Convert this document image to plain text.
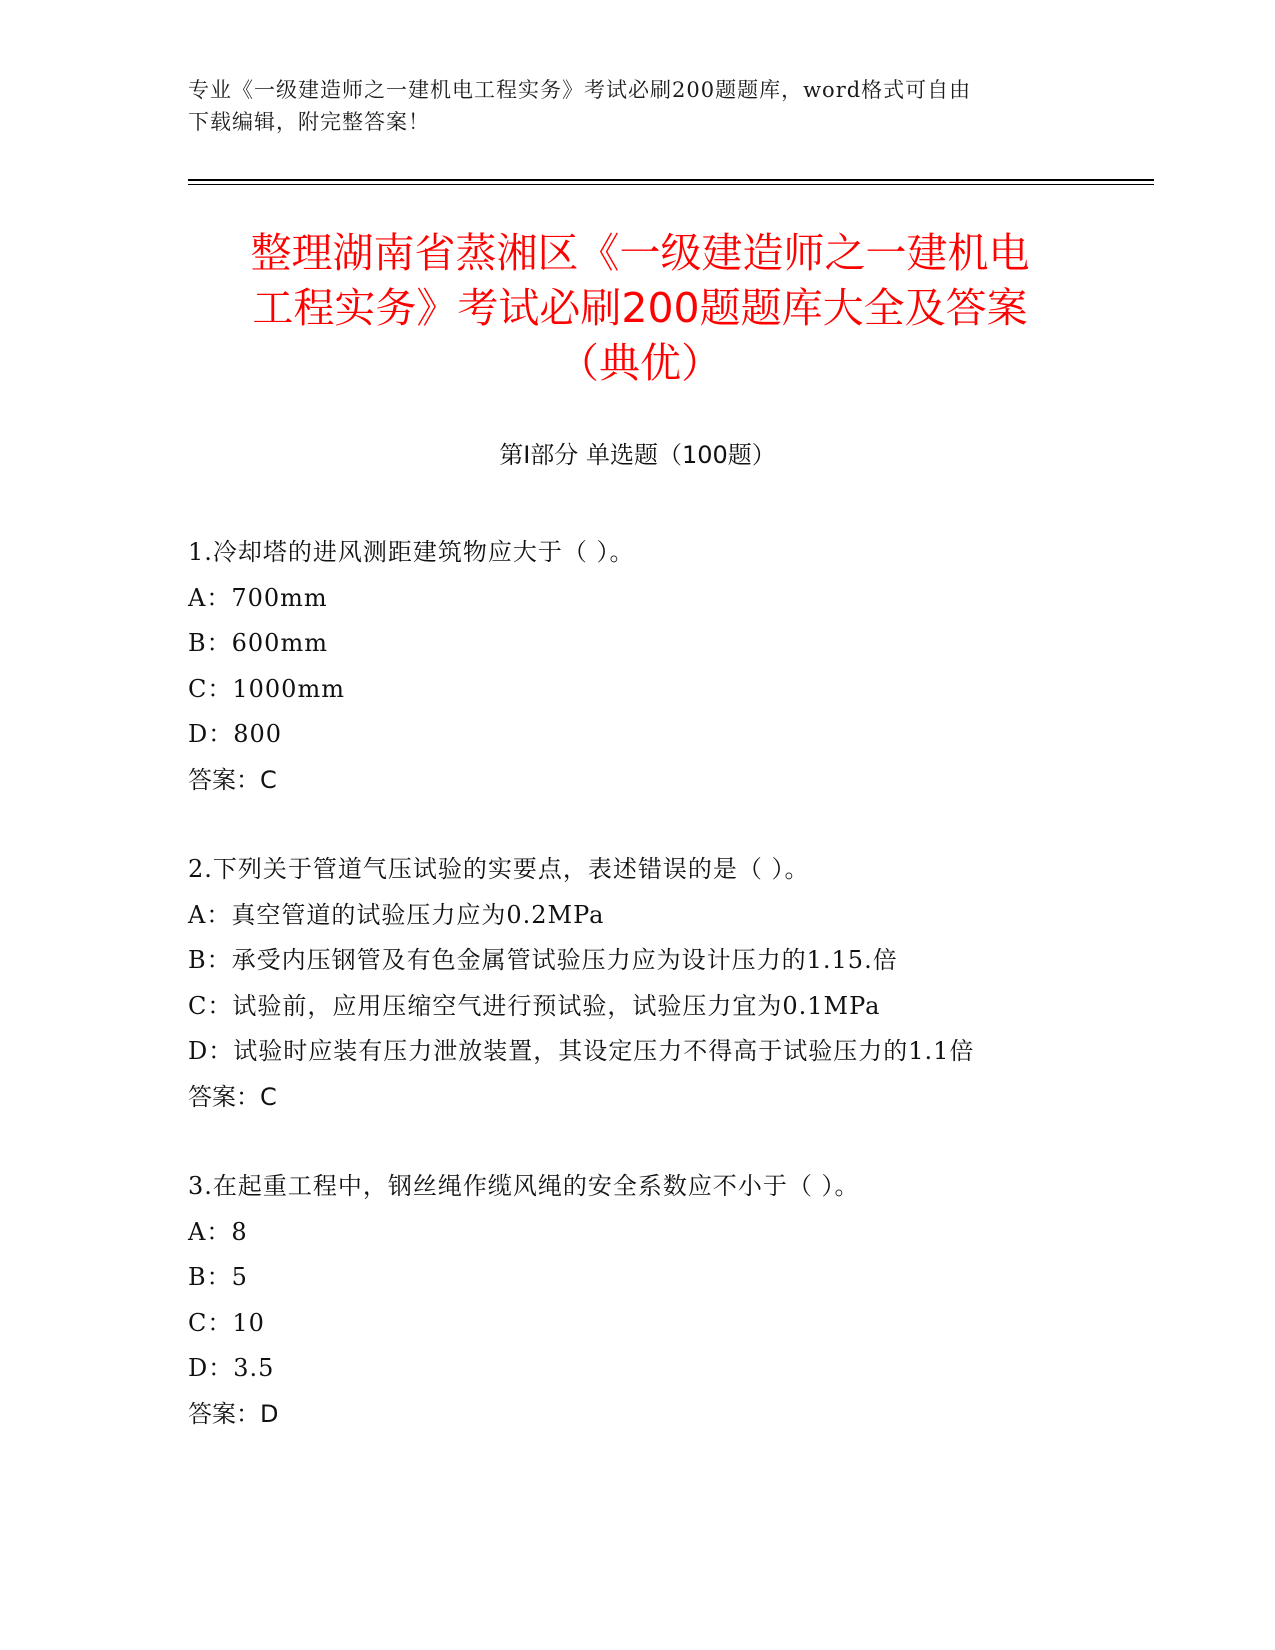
专业《一级建造师之一建机电工程实务》考试必刷200题题库，word格式可自由
下载编辑，附完整答案！
整理湖南省蒸湘区《一级建造师之一建机电
工程实务》考试必刷200题题库大全及答案
（典优）
第Ⅰ部分 单选题（100题）

1.冷却塔的进风测距建筑物应大于（ ）。

A：700mm

B：600mm

C：1000mm

D：800

答案：C

2.下列关于管道气压试验的实要点，表述错误的是（ ）。

A：真空管道的试验压力应为0.2MPa

B：承受内压钢管及有色金属管试验压力应为设计压力的1.15.倍

C：试验前，应用压缩空气进行预试验，试验压力宜为0.1MPa

D：试验时应装有压力泄放装置，其设定压力不得高于试验压力的1.1倍

答案：C

3.在起重工程中，钢丝绳作缆风绳的安全系数应不小于（ ）。

A：8

B：5

C：10

D：3.5

答案：D
